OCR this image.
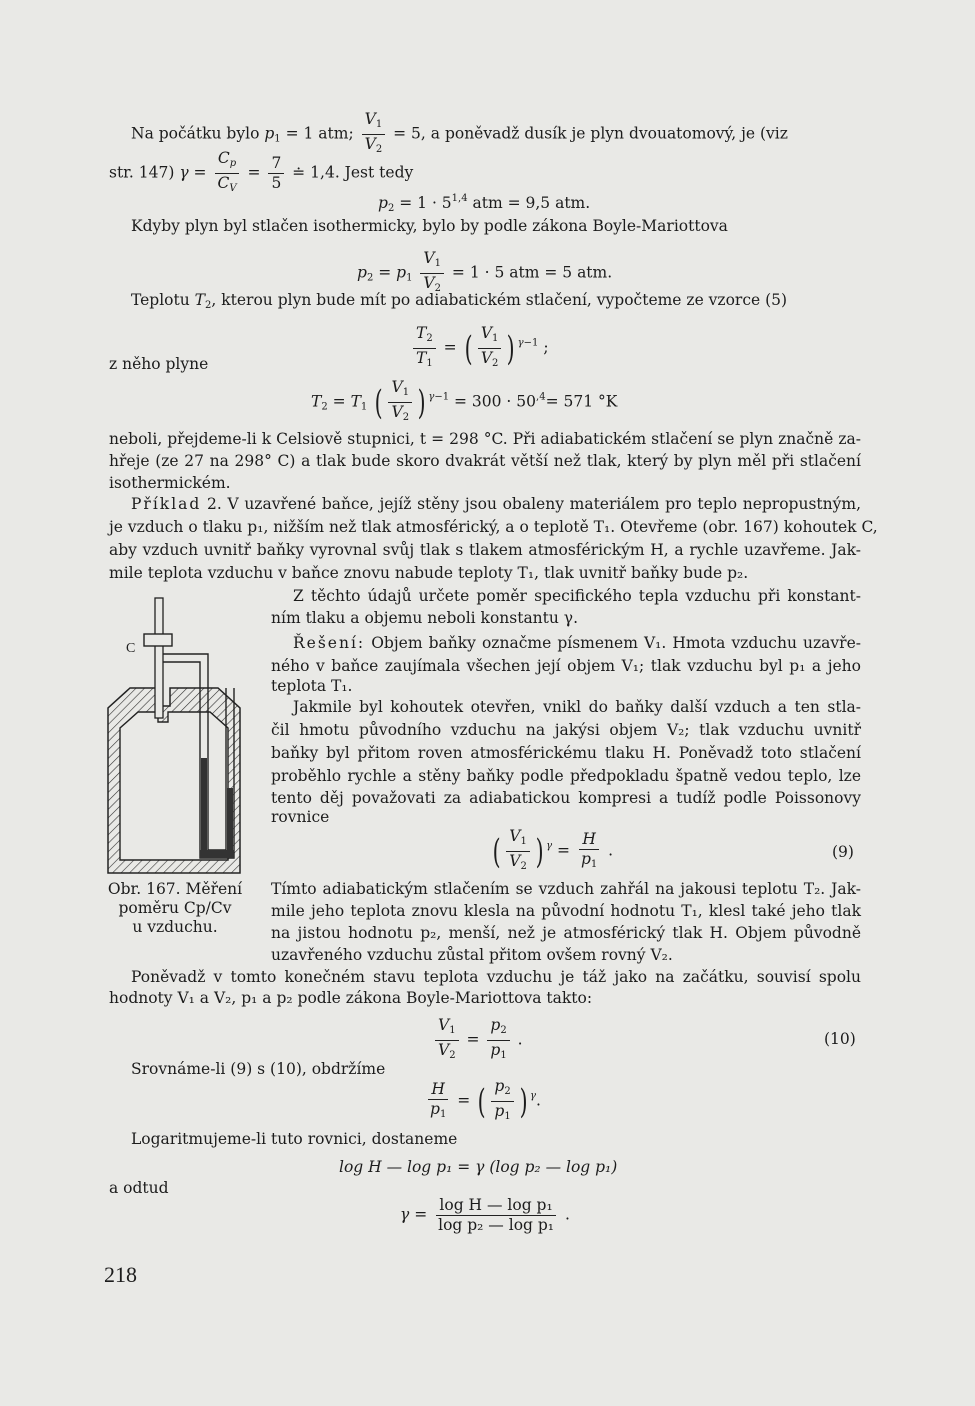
Na počátku bylo $p_1 = 1$ atm; $\frac{V_1}{V_2} = 5$, a poněvadž dusík je plyn dvouatomový, je (viz
str. 147) $\gamma = \frac{C_p}{C_V} = \frac{7}{5}$ ≐ 1,4. Jest tedy
$p_2 = 1 \cdot 5^{1,4}$ atm = 9,5 atm.
Kdyby plyn byl stlačen isothermicky, bylo by podle zákona Boyle-Mariottova
$p_2 = p_1 \frac{V_1}{V_2} = 1 \cdot 5$ atm = 5 atm.
Teplotu $T_2$, kterou plyn bude mít po adiabatickém stlačení, vypočteme ze vzorce (5)
$\frac{T_2}{T_1}$ = ( $\frac{V_1}{V_2}$ ) $^{\gamma-1}$ ;
z něho plyne
$T_2 = T_1$ ( $\frac{V_1}{V_2}$ ) $^{\gamma-1} = 300 \cdot 50^{,4}= 571$ °K
neboli, přejdeme-li k Celsiově stupnici, t = 298 °C. Při adiabatickém stlačení se plyn značně za-
hřeje (ze 27 na 298° C) a tlak bude skoro dvakrát větší než tlak, který by plyn měl při stlačení
isothermickém.
Příklad 2. V uzavřené baňce, jejíž stěny jsou obaleny materiálem pro teplo nepropustným,
je vzduch o tlaku p₁, nižším než tlak atmosférický, a o teplotě T₁. Otevřeme (obr. 167) kohoutek C,
aby vzduch uvnitř baňky vyrovnal svůj tlak s tlakem atmosférickým H, a rychle uzavřeme. Jak-
mile teplota vzduchu v baňce znovu nabude teploty T₁, tlak uvnitř baňky bude p₂.
Z těchto údajů určete poměr specifického tepla vzduchu při konstant-
ním tlaku a objemu neboli konstantu γ.
Řešení: Objem baňky označme písmenem V₁. Hmota vzduchu uzavře-
ného v baňce zaujímala všechen její objem V₁; tlak vzduchu byl p₁ a jeho
teplota T₁.
Jakmile byl kohoutek otevřen, vnikl do baňky další vzduch a ten stla-
čil hmotu původního vzduchu na jakýsi objem V₂; tlak vzduchu uvnitř
baňky byl přitom roven atmosférickému tlaku H. Poněvadž toto stlačení
proběhlo rychle a stěny baňky podle předpokladu špatně vedou teplo, lze
tento děj považovati za adiabatickou kompresi a tudíž podle Poissonovy
rovnice
( $\frac{V_1}{V_2}$ ) $^\gamma = \frac{H}{p_1}$ .	(9)
Tímto adiabatickým stlačením se vzduch zahřál na jakousi teplotu T₂. Jak-
mile jeho teplota znovu klesla na původní hodnotu T₁, klesl také jeho tlak
na jistou hodnotu p₂, menší, než je atmosférický tlak H. Objem původně
uzavřeného vzduchu zůstal přitom ovšem rovný V₂.
C
Obr. 167. Měření
poměru Cp/Cv
u vzduchu.
Poněvadž v tomto konečném stavu teplota vzduchu je táž jako na začátku, souvisí spolu
hodnoty V₁ a V₂, p₁ a p₂ podle zákona Boyle-Mariottova takto:
$\frac{V_1}{V_2} = \frac{p_2}{p_1}$ .	(10)
Srovnáme-li (9) s (10), obdržíme
$\frac{H}{p_1}$ = ( $\frac{p_2}{p_1}$ ) $^\gamma$.
Logaritmujeme-li tuto rovnici, dostaneme
log H — log p₁ = γ (log p₂ — log p₁)
a odtud
$\gamma = \frac{\text{log H — log p₁}}{\text{log p₂ — log p₁}}$ .
218
